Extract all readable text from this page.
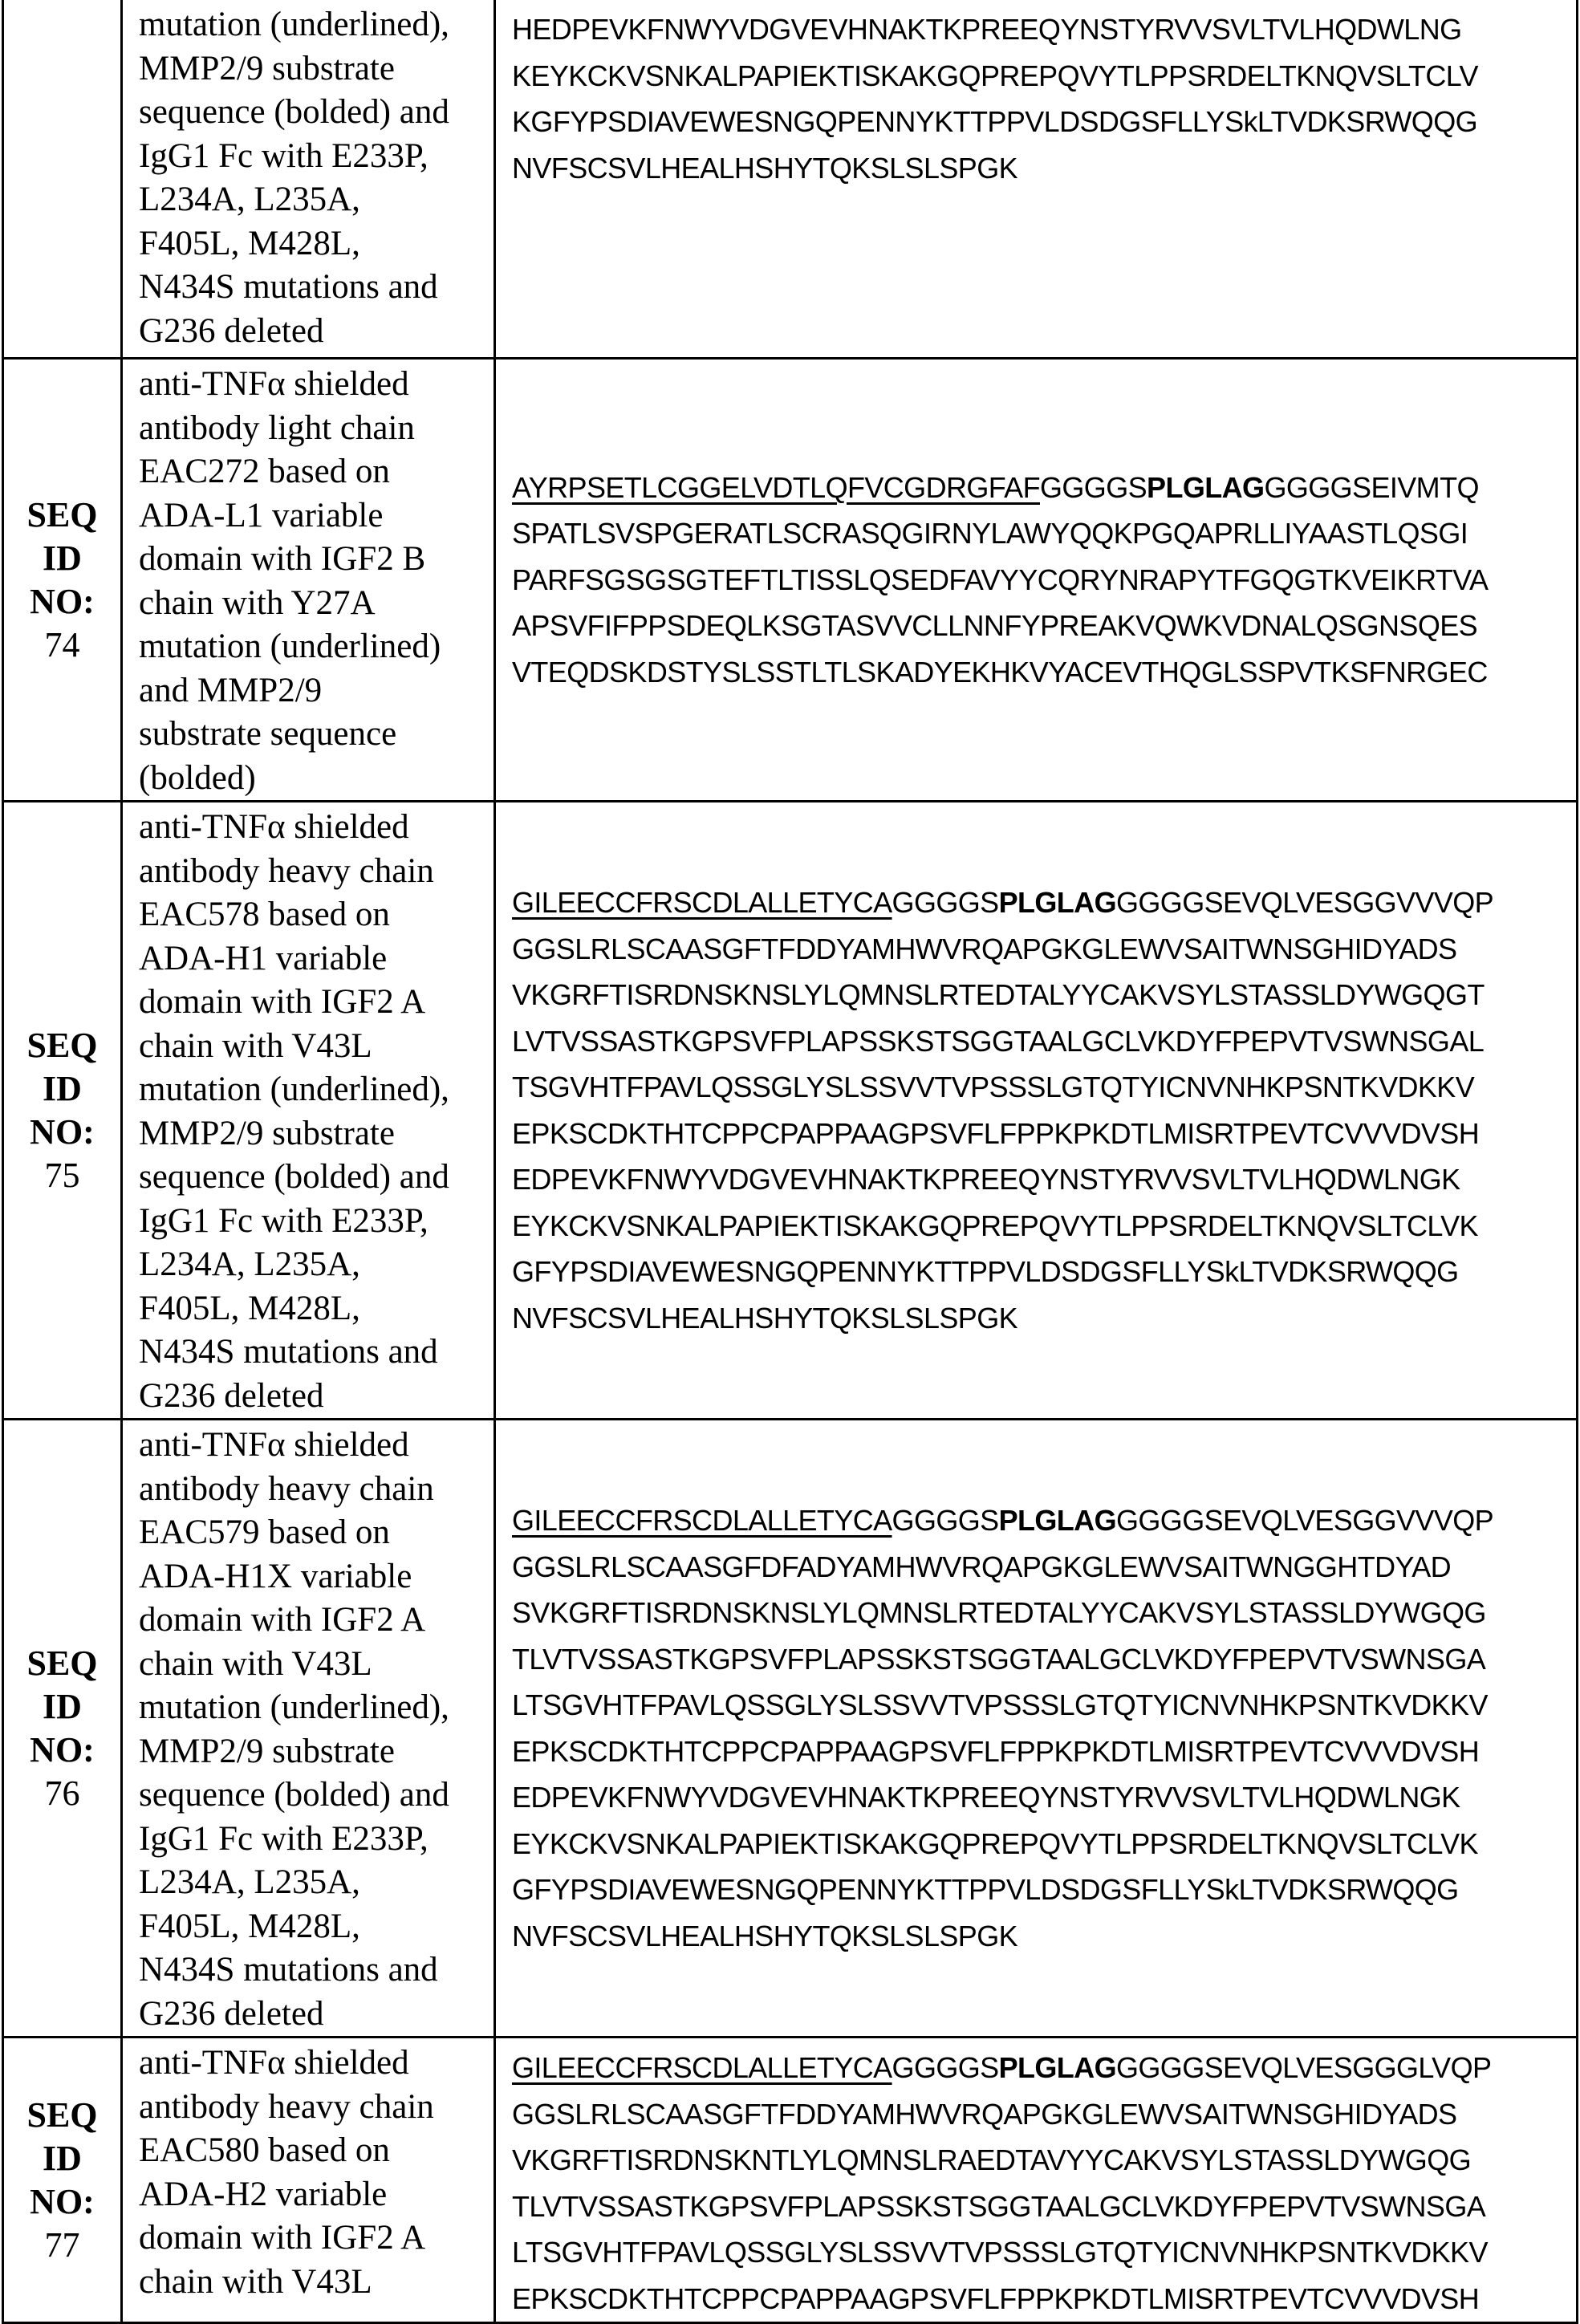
mutation (underlined),
MMP2/9 substrate
sequence (bolded) and
IgG1 Fc with E233P,
L234A, L235A,
F405L, M428L,
N434S mutations and
G236 deleted

HEDPEVKFNWYVDGVEVHNAKTKPREEQYNSTYRVVSVLTVLHQDWLNG
KEYKCKVSNKALPAPIEKTISKAKGQPREPQVYTLPPSRDELTKNQVSLTCLV
KGFYPSDIAVEWESNGQPENNYKTTPPVLDSDGSFLLYSkLTVDKSRWQQG
NVFSCSVLHEALHSHYTQKSLSLSPGK

SEQ
ID
NO:
74

anti-TNFα shielded
antibody light chain
EAC272 based on
ADA-L1 variable
domain with IGF2 B
chain with Y27A
mutation (underlined)
and MMP2/9
substrate sequence
(bolded)

AYRPSETLCGGELVDTLQFVCGDRGFAFGGGGSPLGLAGGGGGSEIVMTQ
SPATLSVSPGERATLSCRASQGIRNYLAWYQQKPGQAPRLLIYAASTLQSGI
PARFSGSGSGTEFTLTISSLQSEDFAVYYCQRYNRAPYTFGQGTKVEIKRTVA
APSVFIFPPSDEQLKSGTASVVCLLNNFYPREAKVQWKVDNALQSGNSQES
VTEQDSKDSTYSLSSTLTLSKADYEKHKVYACEVTHQGLSSPVTKSFNRGEC

SEQ
ID
NO:
75

anti-TNFα shielded
antibody heavy chain
EAC578 based on
ADA-H1 variable
domain with IGF2 A
chain with V43L
mutation (underlined),
MMP2/9 substrate
sequence (bolded) and
IgG1 Fc with E233P,
L234A, L235A,
F405L, M428L,
N434S mutations and
G236 deleted

GILEECCFRSCDLALLETYCAGGGGSPLGLAGGGGGSEVQLVESGGVVVQP
GGSLRLSCAASGFTFDDYAMHWVRQAPGKGLEWVSAITWNSGHIDYADS
VKGRFTISRDNSKNSLYLQMNSLRTEDTALYYCAKVSYLSTASSLDYWGQGT
LVTVSSASTKGPSVFPLAPSSKSTSGGTAALGCLVKDYFPEPVTVSWNSGAL
TSGVHTFPAVLQSSGLYSLSSVVTVPSSSLGTQTYICNVNHKPSNTKVDKKV
EPKSCDKTHTCPPCPAPPAAGPSVFLFPPKPKDTLMISRTPEVTCVVVDVSH
EDPEVKFNWYVDGVEVHNAKTKPREEQYNSTYRVVSVLTVLHQDWLNGK
EYKCKVSNKALPAPIEKTISKAKGQPREPQVYTLPPSRDELTKNQVSLTCLVK
GFYPSDIAVEWESNGQPENNYKTTPPVLDSDGSFLLYSkLTVDKSRWQQG
NVFSCSVLHEALHSHYTQKSLSLSPGK

SEQ
ID
NO:
76

anti-TNFα shielded
antibody heavy chain
EAC579 based on
ADA-H1X variable
domain with IGF2 A
chain with V43L
mutation (underlined),
MMP2/9 substrate
sequence (bolded) and
IgG1 Fc with E233P,
L234A, L235A,
F405L, M428L,
N434S mutations and
G236 deleted

GILEECCFRSCDLALLETYCAGGGGSPLGLAGGGGGSEVQLVESGGVVVQP
GGSLRLSCAASGFDFADYAMHWVRQAPGKGLEWVSAITWNGGHTDYAD
SVKGRFTISRDNSKNSLYLQMNSLRTEDTALYYCAKVSYLSTASSLDYWGQG
TLVTVSSASTKGPSVFPLAPSSKSTSGGTAALGCLVKDYFPEPVTVSWNSGA
LTSGVHTFPAVLQSSGLYSLSSVVTVPSSSLGTQTYICNVNHKPSNTKVDKKV
EPKSCDKTHTCPPCPAPPAAGPSVFLFPPKPKDTLMISRTPEVTCVVVDVSH
EDPEVKFNWYVDGVEVHNAKTKPREEQYNSTYRVVSVLTVLHQDWLNGK
EYKCKVSNKALPAPIEKTISKAKGQPREPQVYTLPPSRDELTKNQVSLTCLVK
GFYPSDIAVEWESNGQPENNYKTTPPVLDSDGSFLLYSkLTVDKSRWQQG
NVFSCSVLHEALHSHYTQKSLSLSPGK

SEQ
ID
NO:
77

anti-TNFα shielded
antibody heavy chain
EAC580 based on
ADA-H2 variable
domain with IGF2 A
chain with V43L

GILEECCFRSCDLALLETYCAGGGGSPLGLAGGGGGSEVQLVESGGGLVQP
GGSLRLSCAASGFTFDDYAMHWVRQAPGKGLEWVSAITWNSGHIDYADS
VKGRFTISRDNSKNTLYLQMNSLRAEDTAVYYCAKVSYLSTASSLDYWGQG
TLVTVSSASTKGPSVFPLAPSSKSTSGGTAALGCLVKDYFPEPVTVSWNSGA
LTSGVHTFPAVLQSSGLYSLSSVVTVPSSSLGTQTYICNVNHKPSNTKVDKKV
EPKSCDKTHTCPPCPAPPAAGPSVFLFPPKPKDTLMISRTPEVTCVVVDVSH
